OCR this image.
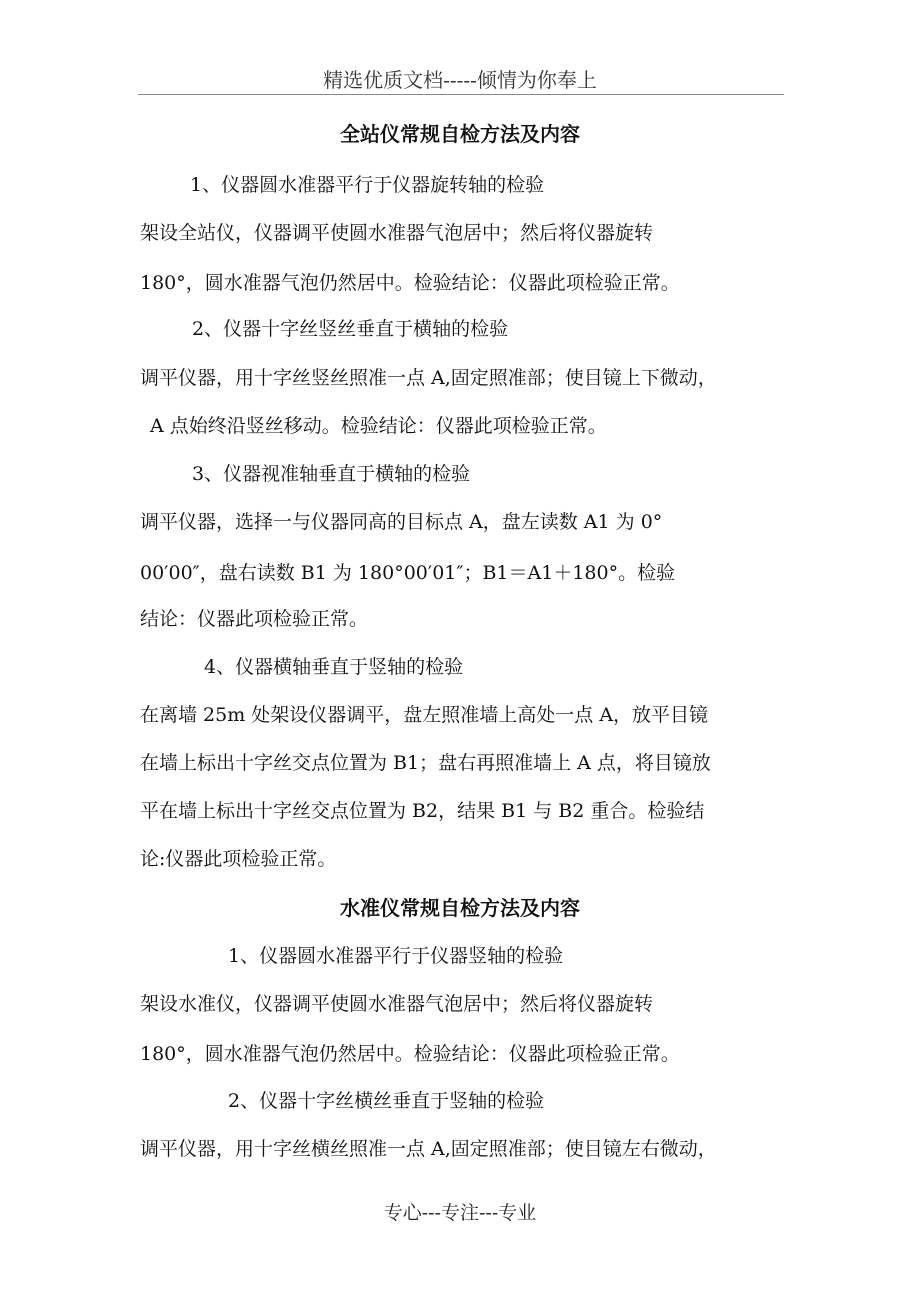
精选优质文档-----倾情为你奉上
全站仪常规自检方法及内容
1、仪器圆水准器平行于仪器旋转轴的检验
架设全站仪，仪器调平使圆水准器气泡居中；然后将仪器旋转
180°，圆水准器气泡仍然居中。检验结论：仪器此项检验正常。
2、仪器十字丝竖丝垂直于横轴的检验
调平仪器，用十字丝竖丝照准一点 A,固定照准部；使目镜上下微动，
A 点始终沿竖丝移动。检验结论：仪器此项检验正常。
3、仪器视准轴垂直于横轴的检验
调平仪器，选择一与仪器同高的目标点 A，盘左读数 A1 为 0°
00′00″，盘右读数 B1 为 180°00′01″；B1＝A1＋180°。检验
结论：仪器此项检验正常。
4、仪器横轴垂直于竖轴的检验
在离墙 25m 处架设仪器调平，盘左照准墙上高处一点 A，放平目镜
在墙上标出十字丝交点位置为 B1；盘右再照准墙上 A 点，将目镜放
平在墙上标出十字丝交点位置为 B2，结果 B1 与 B2 重合。检验结
论:仪器此项检验正常。
水准仪常规自检方法及内容
1、仪器圆水准器平行于仪器竖轴的检验
架设水准仪，仪器调平使圆水准器气泡居中；然后将仪器旋转
180°，圆水准器气泡仍然居中。检验结论：仪器此项检验正常。
2、仪器十字丝横丝垂直于竖轴的检验
调平仪器，用十字丝横丝照准一点 A,固定照准部；使目镜左右微动，
专心---专注---专业
